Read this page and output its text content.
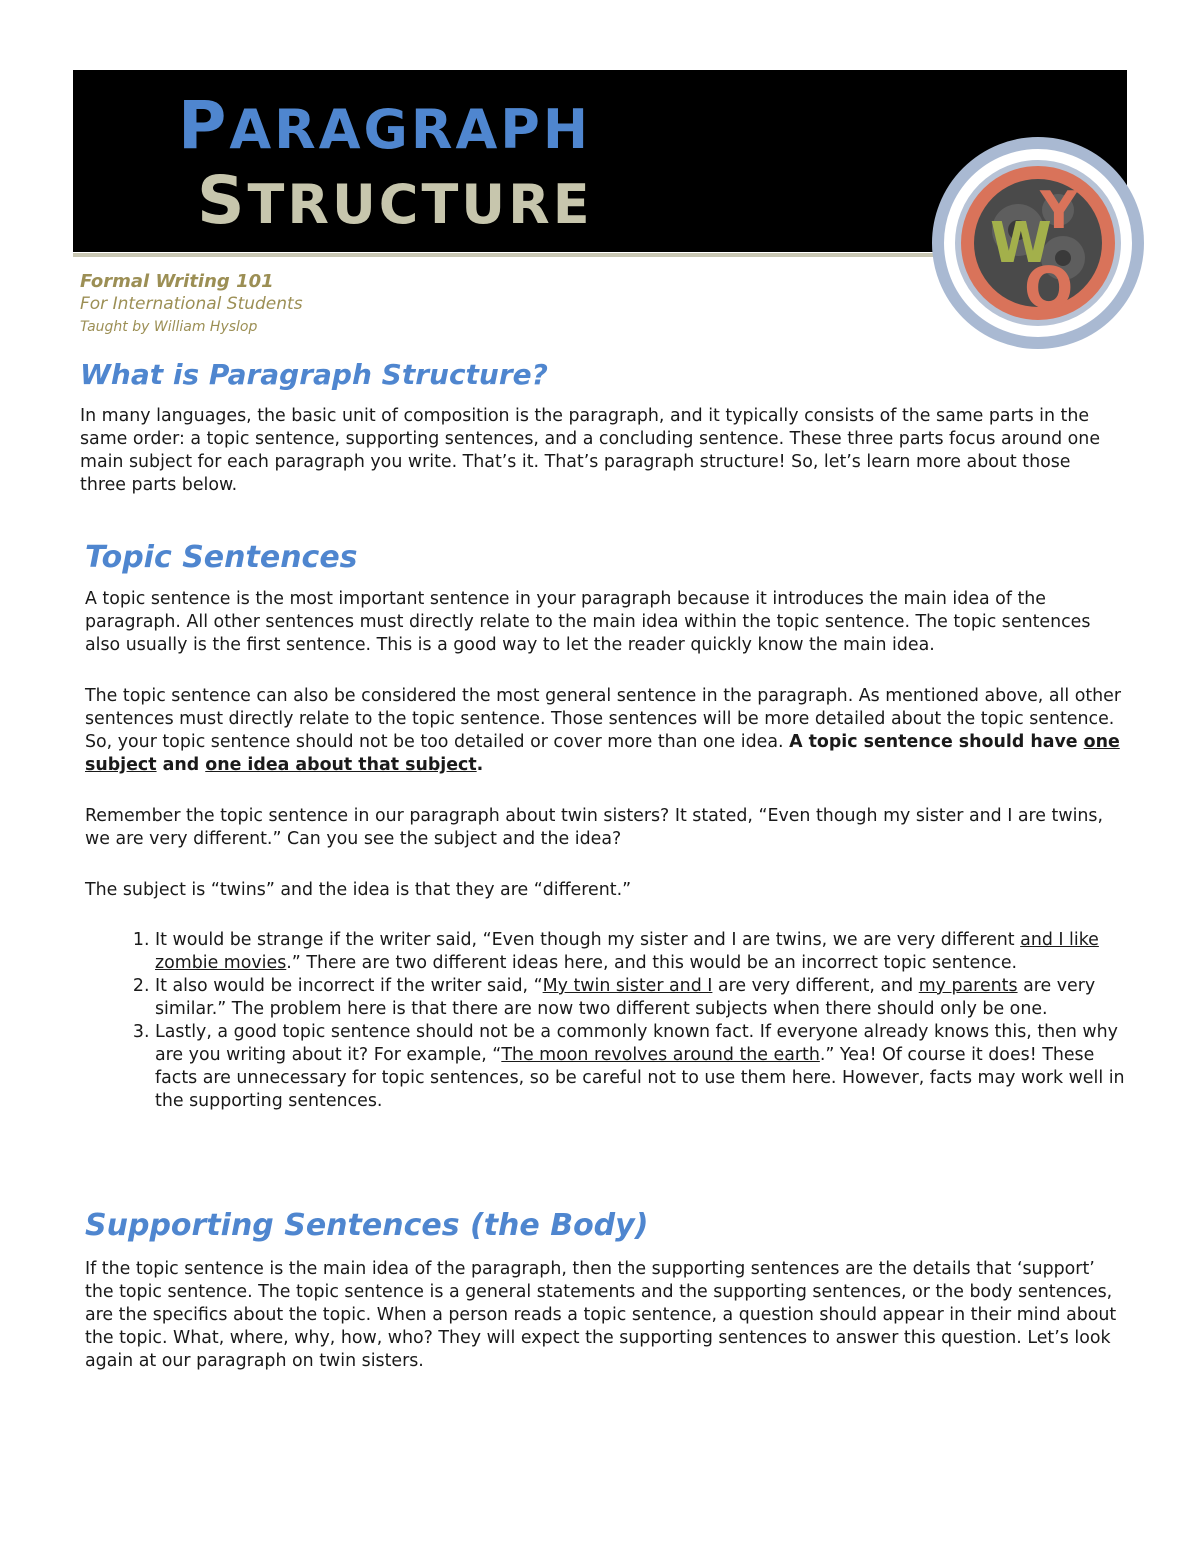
PARAGRAPH
STRUCTURE
W
Y
O

Formal Writing 101

For International Students

Taught by William Hyslop

What is Paragraph Structure?

In many languages, the basic unit of composition is the paragraph, and it typically consists of the same parts in the same order: a topic sentence, supporting sentences, and a concluding sentence. These three parts focus around one main subject for each paragraph you write. That’s it. That’s paragraph structure! So, let’s learn more about those three parts below.

Topic Sentences

A topic sentence is the most important sentence in your paragraph because it introduces the main idea of the paragraph. All other sentences must directly relate to the main idea within the topic sentence. The topic sentences also usually is the first sentence. This is a good way to let the reader quickly know the main idea.

The topic sentence can also be considered the most general sentence in the paragraph. As mentioned above, all other sentences must directly relate to the topic sentence. Those sentences will be more detailed about the topic sentence. So, your topic sentence should not be too detailed or cover more than one idea. A topic sentence should have one subject and one idea about that subject.

Remember the topic sentence in our paragraph about twin sisters? It stated, “Even though my sister and I are twins, we are very different.” Can you see the subject and the idea?

The subject is “twins” and the idea is that they are “different.”

1. It would be strange if the writer said, “Even though my sister and I are twins, we are very different and I like zombie movies.” There are two different ideas here, and this would be an incorrect topic sentence.
2. It also would be incorrect if the writer said, “My twin sister and I are very different, and my parents are very similar.” The problem here is that there are now two different subjects when there should only be one.
3. Lastly, a good topic sentence should not be a commonly known fact. If everyone already knows this, then why are you writing about it? For example, “The moon revolves around the earth.” Yea! Of course it does! These facts are unnecessary for topic sentences, so be careful not to use them here. However, facts may work well in the supporting sentences.
Supporting Sentences (the Body)

If the topic sentence is the main idea of the paragraph, then the supporting sentences are the details that ‘support’ the topic sentence. The topic sentence is a general statements and the supporting sentences, or the body sentences, are the specifics about the topic. When a person reads a topic sentence, a question should appear in their mind about the topic. What, where, why, how, who? They will expect the supporting sentences to answer this question. Let’s look again at our paragraph on twin sisters.
